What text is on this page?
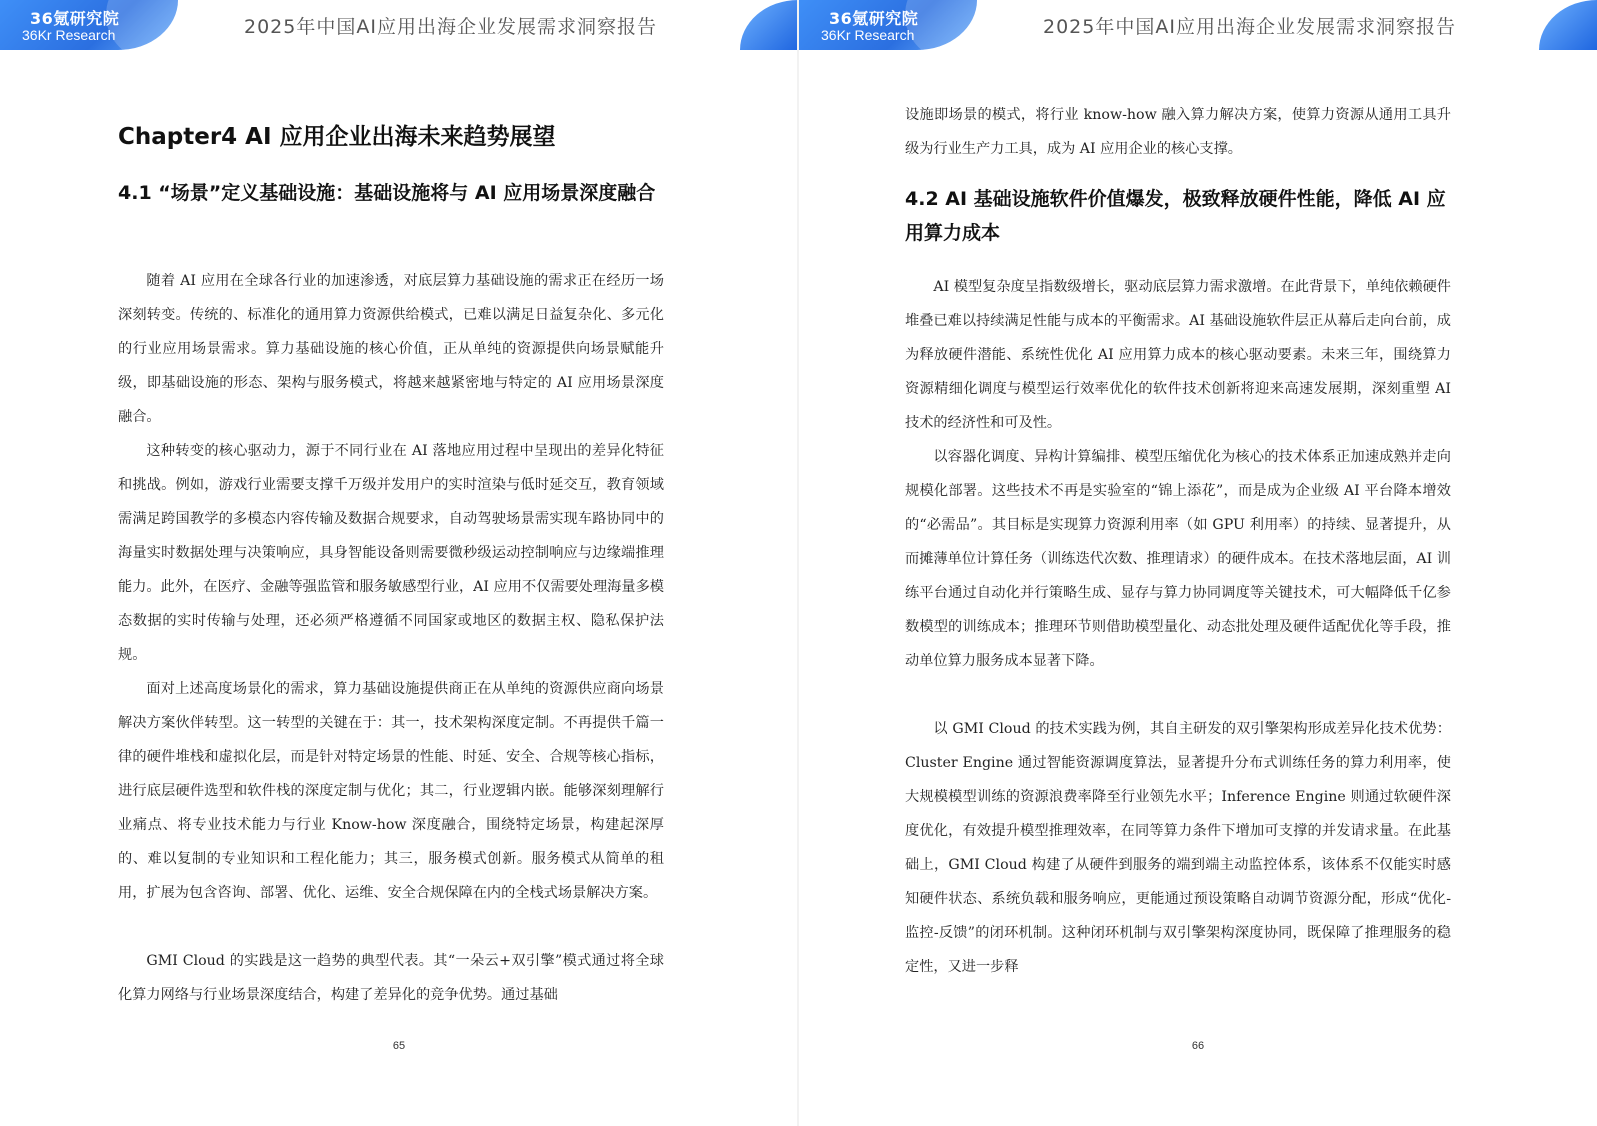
36氪研究院
36Kr Research	2025年中国AI应用出海企业发展需求洞察报告
Chapter4 AI 应用企业出海未来趋势展望
4.1 “场景”定义基础设施：基础设施将与 AI 应用场景深度融合
随着 AI 应用在全球各行业的加速渗透，对底层算力基础设施的需求正在经历一场深刻转变。传统的、标准化的通用算力资源供给模式，已难以满足日益复杂化、多元化的行业应用场景需求。算力基础设施的核心价值，正从单纯的资源提供向场景赋能升级，即基础设施的形态、架构与服务模式，将越来越紧密地与特定的 AI 应用场景深度融合。
这种转变的核心驱动力，源于不同行业在 AI 落地应用过程中呈现出的差异化特征和挑战。例如，游戏行业需要支撑千万级并发用户的实时渲染与低时延交互，教育领域需满足跨国教学的多模态内容传输及数据合规要求，自动驾驶场景需实现车路协同中的海量实时数据处理与决策响应，具身智能设备则需要微秒级运动控制响应与边缘端推理能力。此外，在医疗、金融等强监管和服务敏感型行业，AI 应用不仅需要处理海量多模态数据的实时传输与处理，还必须严格遵循不同国家或地区的数据主权、隐私保护法规。
面对上述高度场景化的需求，算力基础设施提供商正在从单纯的资源供应商向场景解决方案伙伴转型。这一转型的关键在于：其一，技术架构深度定制。不再提供千篇一律的硬件堆栈和虚拟化层，而是针对特定场景的性能、时延、安全、合规等核心指标，进行底层硬件选型和软件栈的深度定制与优化；其二，行业逻辑内嵌。能够深刻理解行业痛点、将专业技术能力与行业 Know-how 深度融合，围绕特定场景，构建起深厚的、难以复制的专业知识和工程化能力；其三，服务模式创新。服务模式从简单的租用，扩展为包含咨询、部署、优化、运维、安全合规保障在内的全栈式场景解决方案。
GMI Cloud 的实践是这一趋势的典型代表。其“一朵云+双引擎”模式通过将全球化算力网络与行业场景深度结合，构建了差异化的竞争优势。通过基础
65
36氪研究院
36Kr Research	2025年中国AI应用出海企业发展需求洞察报告
设施即场景的模式，将行业 know-how 融入算力解决方案，使算力资源从通用工具升级为行业生产力工具，成为 AI 应用企业的核心支撑。
4.2 AI 基础设施软件价值爆发，极致释放硬件性能，降低 AI 应用算力成本
AI 模型复杂度呈指数级增长，驱动底层算力需求激增。在此背景下，单纯依赖硬件堆叠已难以持续满足性能与成本的平衡需求。AI 基础设施软件层正从幕后走向台前，成为释放硬件潜能、系统性优化 AI 应用算力成本的核心驱动要素。未来三年，围绕算力资源精细化调度与模型运行效率优化的软件技术创新将迎来高速发展期，深刻重塑 AI 技术的经济性和可及性。
以容器化调度、异构计算编排、模型压缩优化为核心的技术体系正加速成熟并走向规模化部署。这些技术不再是实验室的“锦上添花”，而是成为企业级 AI 平台降本增效的“必需品”。其目标是实现算力资源利用率（如 GPU 利用率）的持续、显著提升，从而摊薄单位计算任务（训练迭代次数、推理请求）的硬件成本。在技术落地层面，AI 训练平台通过自动化并行策略生成、显存与算力协同调度等关键技术，可大幅降低千亿参数模型的训练成本；推理环节则借助模型量化、动态批处理及硬件适配优化等手段，推动单位算力服务成本显著下降。
以 GMI Cloud 的技术实践为例，其自主研发的双引擎架构形成差异化技术优势：Cluster Engine 通过智能资源调度算法，显著提升分布式训练任务的算力利用率，使大规模模型训练的资源浪费率降至行业领先水平；Inference Engine 则通过软硬件深度优化，有效提升模型推理效率，在同等算力条件下增加可支撑的并发请求量。在此基础上，GMI Cloud 构建了从硬件到服务的端到端主动监控体系，该体系不仅能实时感知硬件状态、系统负载和服务响应，更能通过预设策略自动调节资源分配，形成“优化-监控-反馈”的闭环机制。这种闭环机制与双引擎架构深度协同，既保障了推理服务的稳定性，又进一步释
66
